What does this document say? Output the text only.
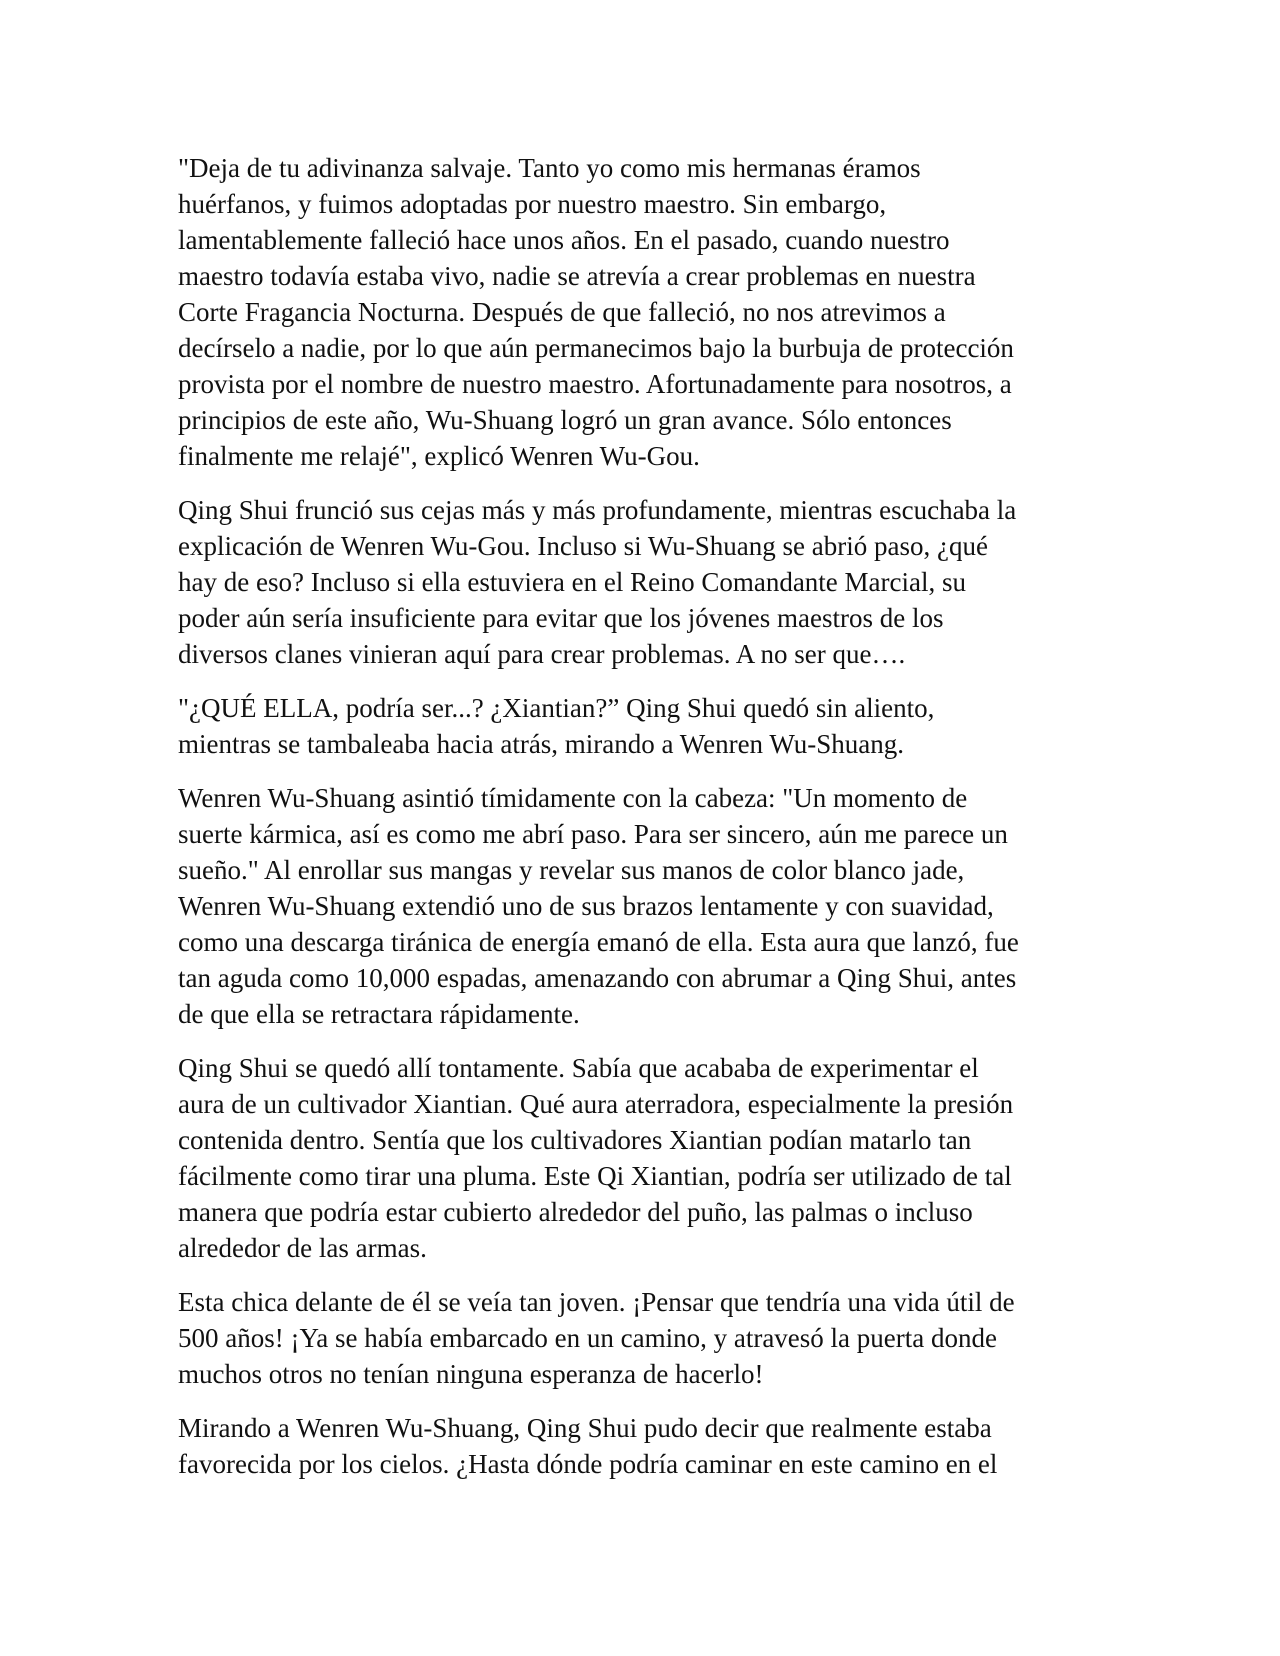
"Deja de tu adivinanza salvaje. Tanto yo como mis hermanas éramos
huérfanos, y fuimos adoptadas por nuestro maestro. Sin embargo,
lamentablemente falleció hace unos años. En el pasado, cuando nuestro
maestro todavía estaba vivo, nadie se atrevía a crear problemas en nuestra
Corte Fragancia Nocturna. Después de que falleció, no nos atrevimos a
decírselo a nadie, por lo que aún permanecimos bajo la burbuja de protección
provista por el nombre de nuestro maestro. Afortunadamente para nosotros, a
principios de este año, Wu-Shuang logró un gran avance. Sólo entonces
finalmente me relajé", explicó Wenren Wu-Gou.

Qing Shui frunció sus cejas más y más profundamente, mientras escuchaba la
explicación de Wenren Wu-Gou. Incluso si Wu-Shuang se abrió paso, ¿qué
hay de eso? Incluso si ella estuviera en el Reino Comandante Marcial, su
poder aún sería insuficiente para evitar que los jóvenes maestros de los
diversos clanes vinieran aquí para crear problemas. A no ser que….

"¿QUÉ ELLA, podría ser...? ¿Xiantian?” Qing Shui quedó sin aliento,
mientras se tambaleaba hacia atrás, mirando a Wenren Wu-Shuang.

Wenren Wu-Shuang asintió tímidamente con la cabeza: "Un momento de
suerte kármica, así es como me abrí paso. Para ser sincero, aún me parece un
sueño." Al enrollar sus mangas y revelar sus manos de color blanco jade,
Wenren Wu-Shuang extendió uno de sus brazos lentamente y con suavidad,
como una descarga tiránica de energía emanó de ella. Esta aura que lanzó, fue
tan aguda como 10,000 espadas, amenazando con abrumar a Qing Shui, antes
de que ella se retractara rápidamente.

Qing Shui se quedó allí tontamente. Sabía que acababa de experimentar el
aura de un cultivador Xiantian. Qué aura aterradora, especialmente la presión
contenida dentro. Sentía que los cultivadores Xiantian podían matarlo tan
fácilmente como tirar una pluma. Este Qi Xiantian, podría ser utilizado de tal
manera que podría estar cubierto alrededor del puño, las palmas o incluso
alrededor de las armas.

Esta chica delante de él se veía tan joven. ¡Pensar que tendría una vida útil de
500 años! ¡Ya se había embarcado en un camino, y atravesó la puerta donde
muchos otros no tenían ninguna esperanza de hacerlo!

Mirando a Wenren Wu-Shuang, Qing Shui pudo decir que realmente estaba
favorecida por los cielos. ¿Hasta dónde podría caminar en este camino en el
